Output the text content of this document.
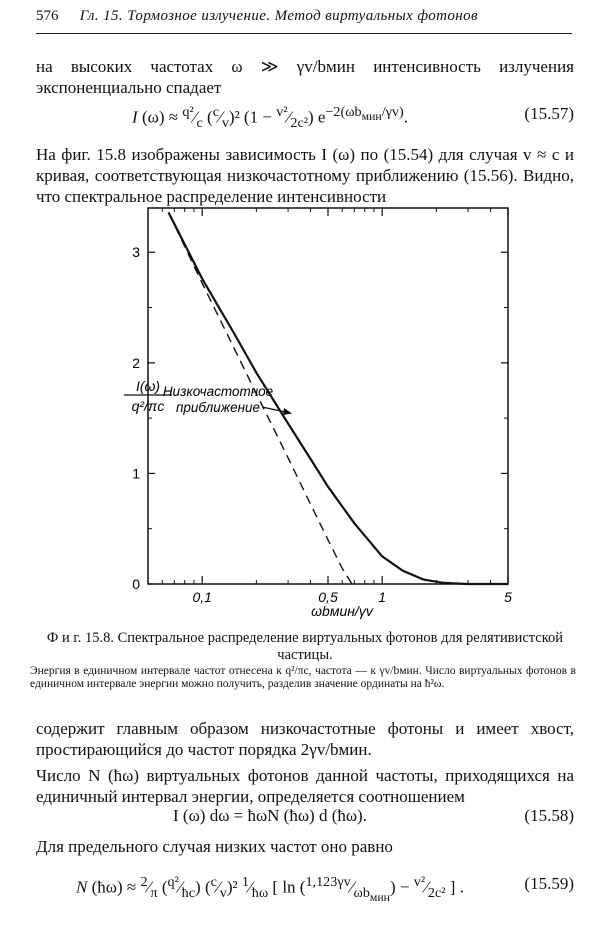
576 Гл. 15. Тормозное излучение. Метод виртуальных фотонов

на высоких частотах ω ≫ γv/bмин интенсивность излучения экспоненциально спадает

I $(\omega) \approx ^{q^2}⁄_c$ $(^c⁄_v)^2$ $(1 - ^{v^2}⁄_{2c^2})$ $e^{-2(\omega b_{мин}/\gamma v)}$.	(15.57)

На фиг. 15.8 изображены зависимость I (ω) по (15.54) для случая v ≈ c и кривая, соответствующая низкочастотному приближению (15.56). Видно, что спектральное распределение интенсивности

0
1
2
3
0,1	0,5	1	5
I(ω)
q²/πc
Низкочастотное
приближение
ωbмин/γv
Ф и г. 15.8. Спектральное распределение виртуальных фотонов для релятивистской частицы.
Энергия в единичном интервале частот отнесена к q²/πc, частота — к γv/bмин. Число виртуальных фотонов в единичном интервале энергии можно получить, разделив значение ординаты на ħ²ω.

содержит главным образом низкочастотные фотоны и имеет хвост, простирающийся до частот порядка 2γv/bмин.

Число N (ħω) виртуальных фотонов данной частоты, приходящихся на единичный интервал энергии, определяется соотношением

I (ω) dω = ħωN (ħω) d (ħω).	(15.58)

Для предельного случая низких частот оно равно

N (ħω) ≈ $^2⁄_\pi$ $(^{q^2}⁄_{ħc})$ $(^c⁄_v)^2$ $^1⁄_{ħ\omega}$ [ $\ln (^{1,123\gamma v}⁄_{\omega b_{мин}})$ − $^{v^2}⁄_{2c^2}$ ] .	(15.59)
